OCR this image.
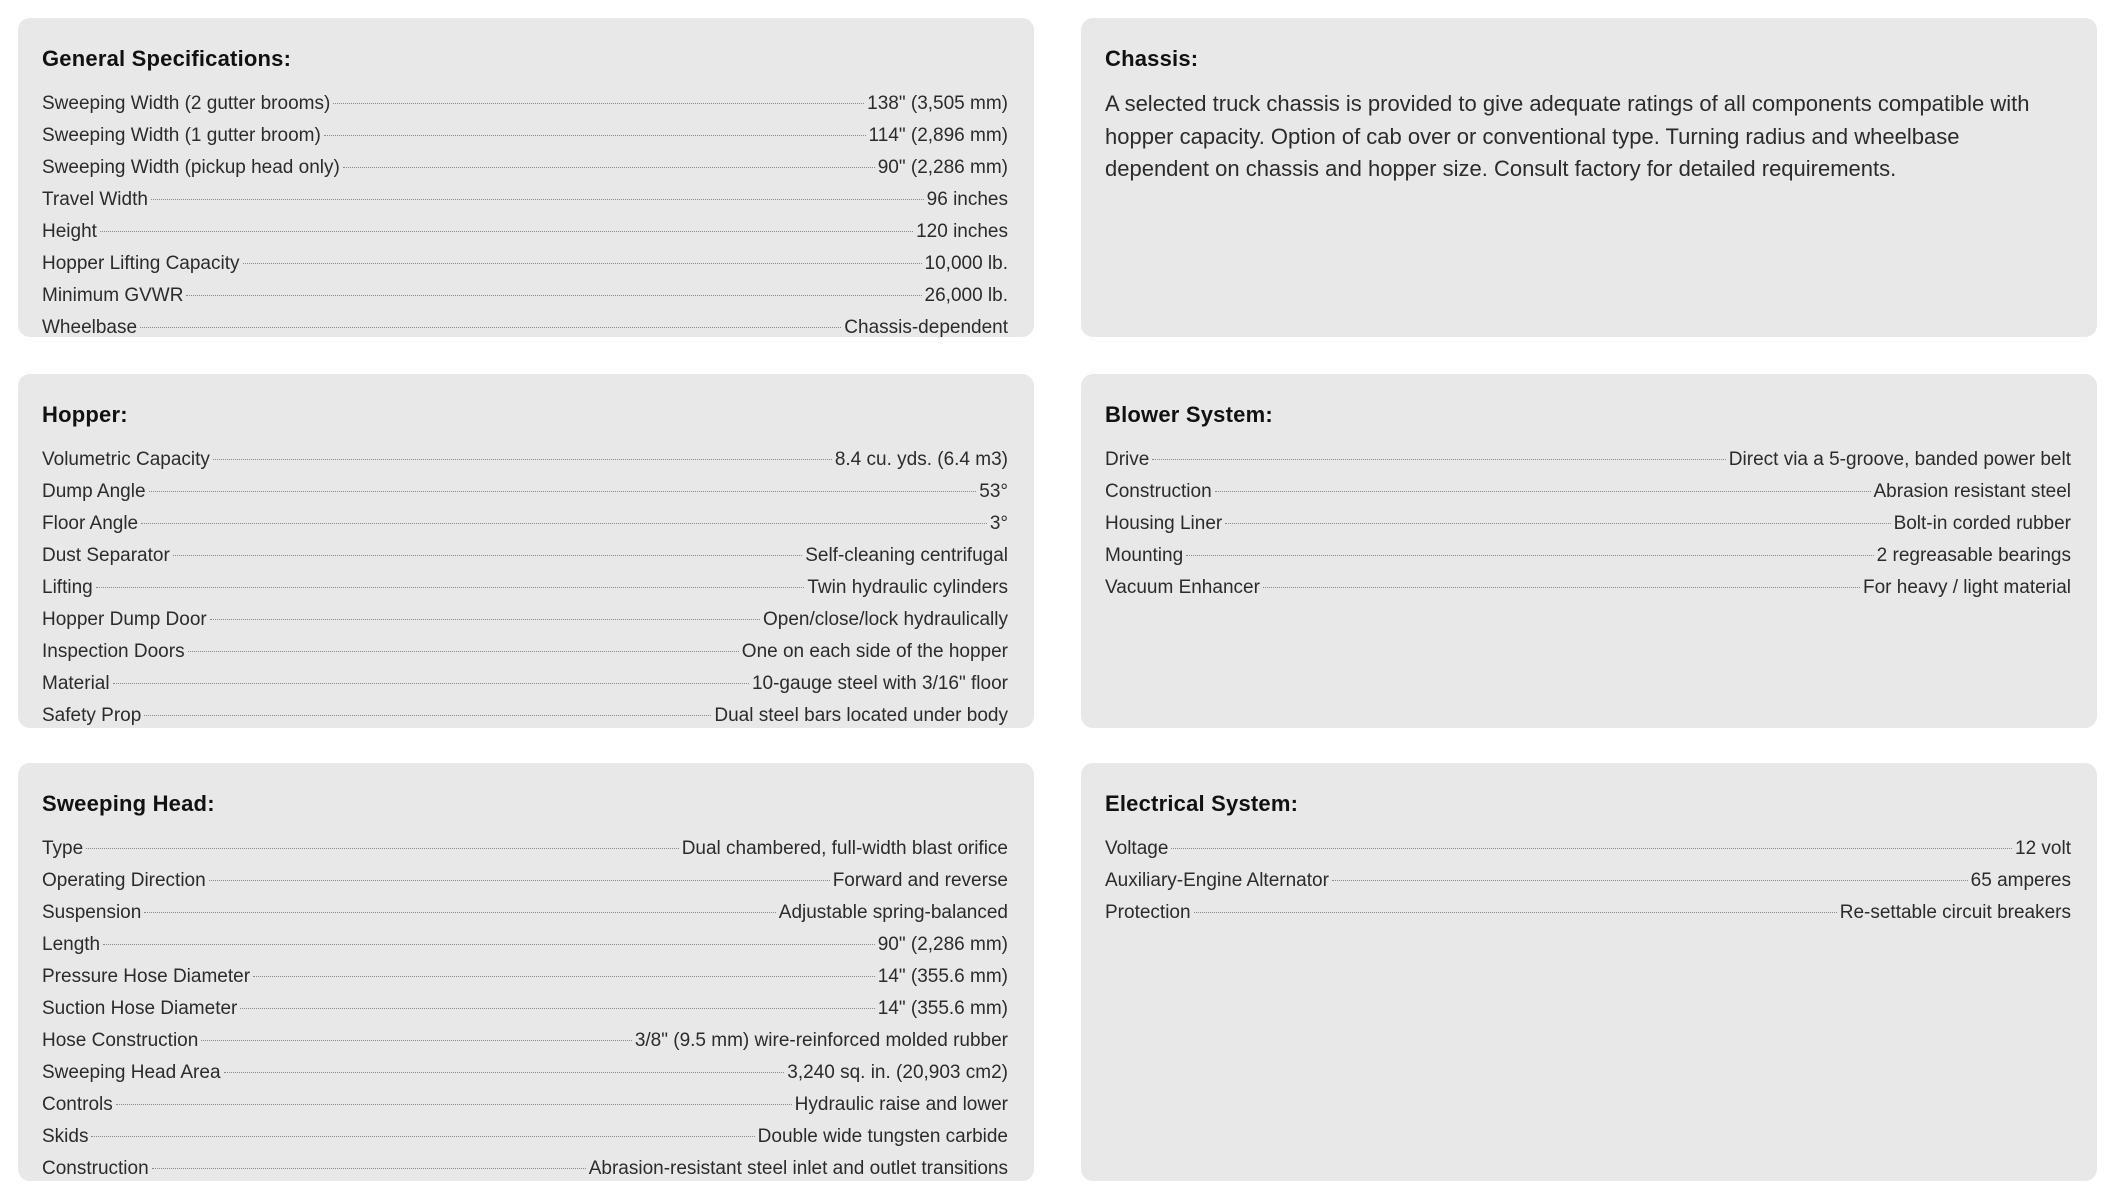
General Specifications:
Sweeping Width (2 gutter brooms)	138" (3,505 mm)
Sweeping Width (1 gutter broom)	114" (2,896 mm)
Sweeping Width (pickup head only)	90" (2,286 mm)
Travel Width	96 inches
Height	120 inches
Hopper Lifting Capacity	10,000 lb.
Minimum GVWR	26,000 lb.
Wheelbase	Chassis-dependent
Chassis:

A selected truck chassis is provided to give adequate ratings of all components compatible with hopper capacity. Option of cab over or conventional type. Turning radius and wheelbase dependent on chassis and hopper size. Consult factory for detailed requirements.

Hopper:
Volumetric Capacity	8.4 cu. yds. (6.4 m3)
Dump Angle	53°
Floor Angle	3°
Dust Separator	Self-cleaning centrifugal
Lifting	Twin hydraulic cylinders
Hopper Dump Door	Open/close/lock hydraulically
Inspection Doors	One on each side of the hopper
Material	10-gauge steel with 3/16" floor
Safety Prop	Dual steel bars located under body
Blower System:
Drive	Direct via a 5-groove, banded power belt
Construction	Abrasion resistant steel
Housing Liner	Bolt-in corded rubber
Mounting	2 regreasable bearings
Vacuum Enhancer	For heavy / light material
Sweeping Head:
Type	Dual chambered, full-width blast orifice
Operating Direction	Forward and reverse
Suspension	Adjustable spring-balanced
Length	90" (2,286 mm)
Pressure Hose Diameter	14" (355.6 mm)
Suction Hose Diameter	14" (355.6 mm)
Hose Construction	3/8" (9.5 mm) wire-reinforced molded rubber
Sweeping Head Area	3,240 sq. in. (20,903 cm2)
Controls	Hydraulic raise and lower
Skids	Double wide tungsten carbide
Construction	Abrasion-resistant steel inlet and outlet transitions
Electrical System:
Voltage	12 volt
Auxiliary-Engine Alternator	65 amperes
Protection	Re-settable circuit breakers
